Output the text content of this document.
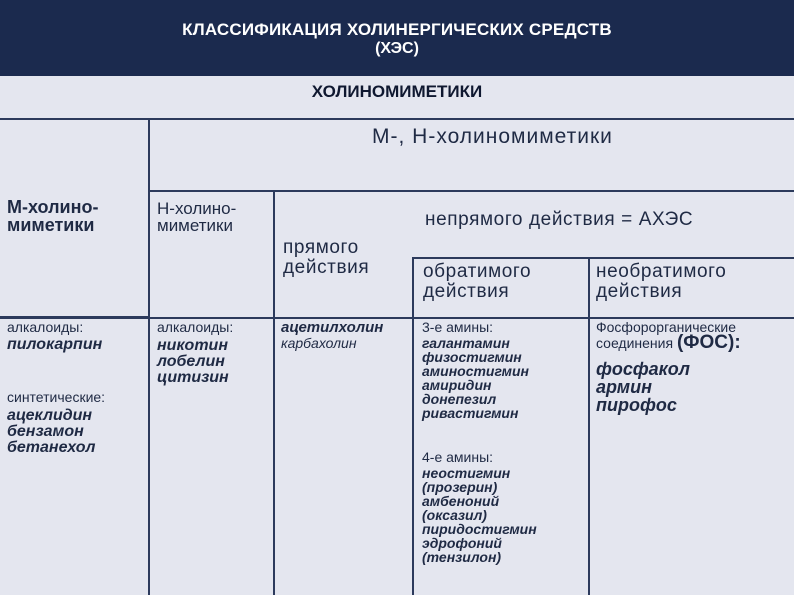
КЛАССИФИКАЦИЯ ХОЛИНЕРГИЧЕСКИХ СРЕДСТВ
(ХЭС)
ХОЛИНОМИМЕТИКИ
М‑, Н‑холиномиметики
М‑холино-
миметики
Н‑холино-
миметики
прямого
действия
непрямого действия = АХЭС
обратимого
действия
необратимого
действия
алкалоиды:
пилокарпин
синтетические:
ацеклидин
бензамон
бетанехол
алкалоиды:
никотин
лобелин
цитизин
ацетилхолин
карбахолин
3-е амины:
галантамин
физостигмин
аминостигмин
амиридин
донепезил
ривастигмин
4-е амины:
неостигмин
(прозерин)
амбеноний
(оксазил)
пиридостигмин
эдрофоний
(тензилон)
Фосфорорганические
соединения (ФОС):
фосфакол
армин
пирофос
